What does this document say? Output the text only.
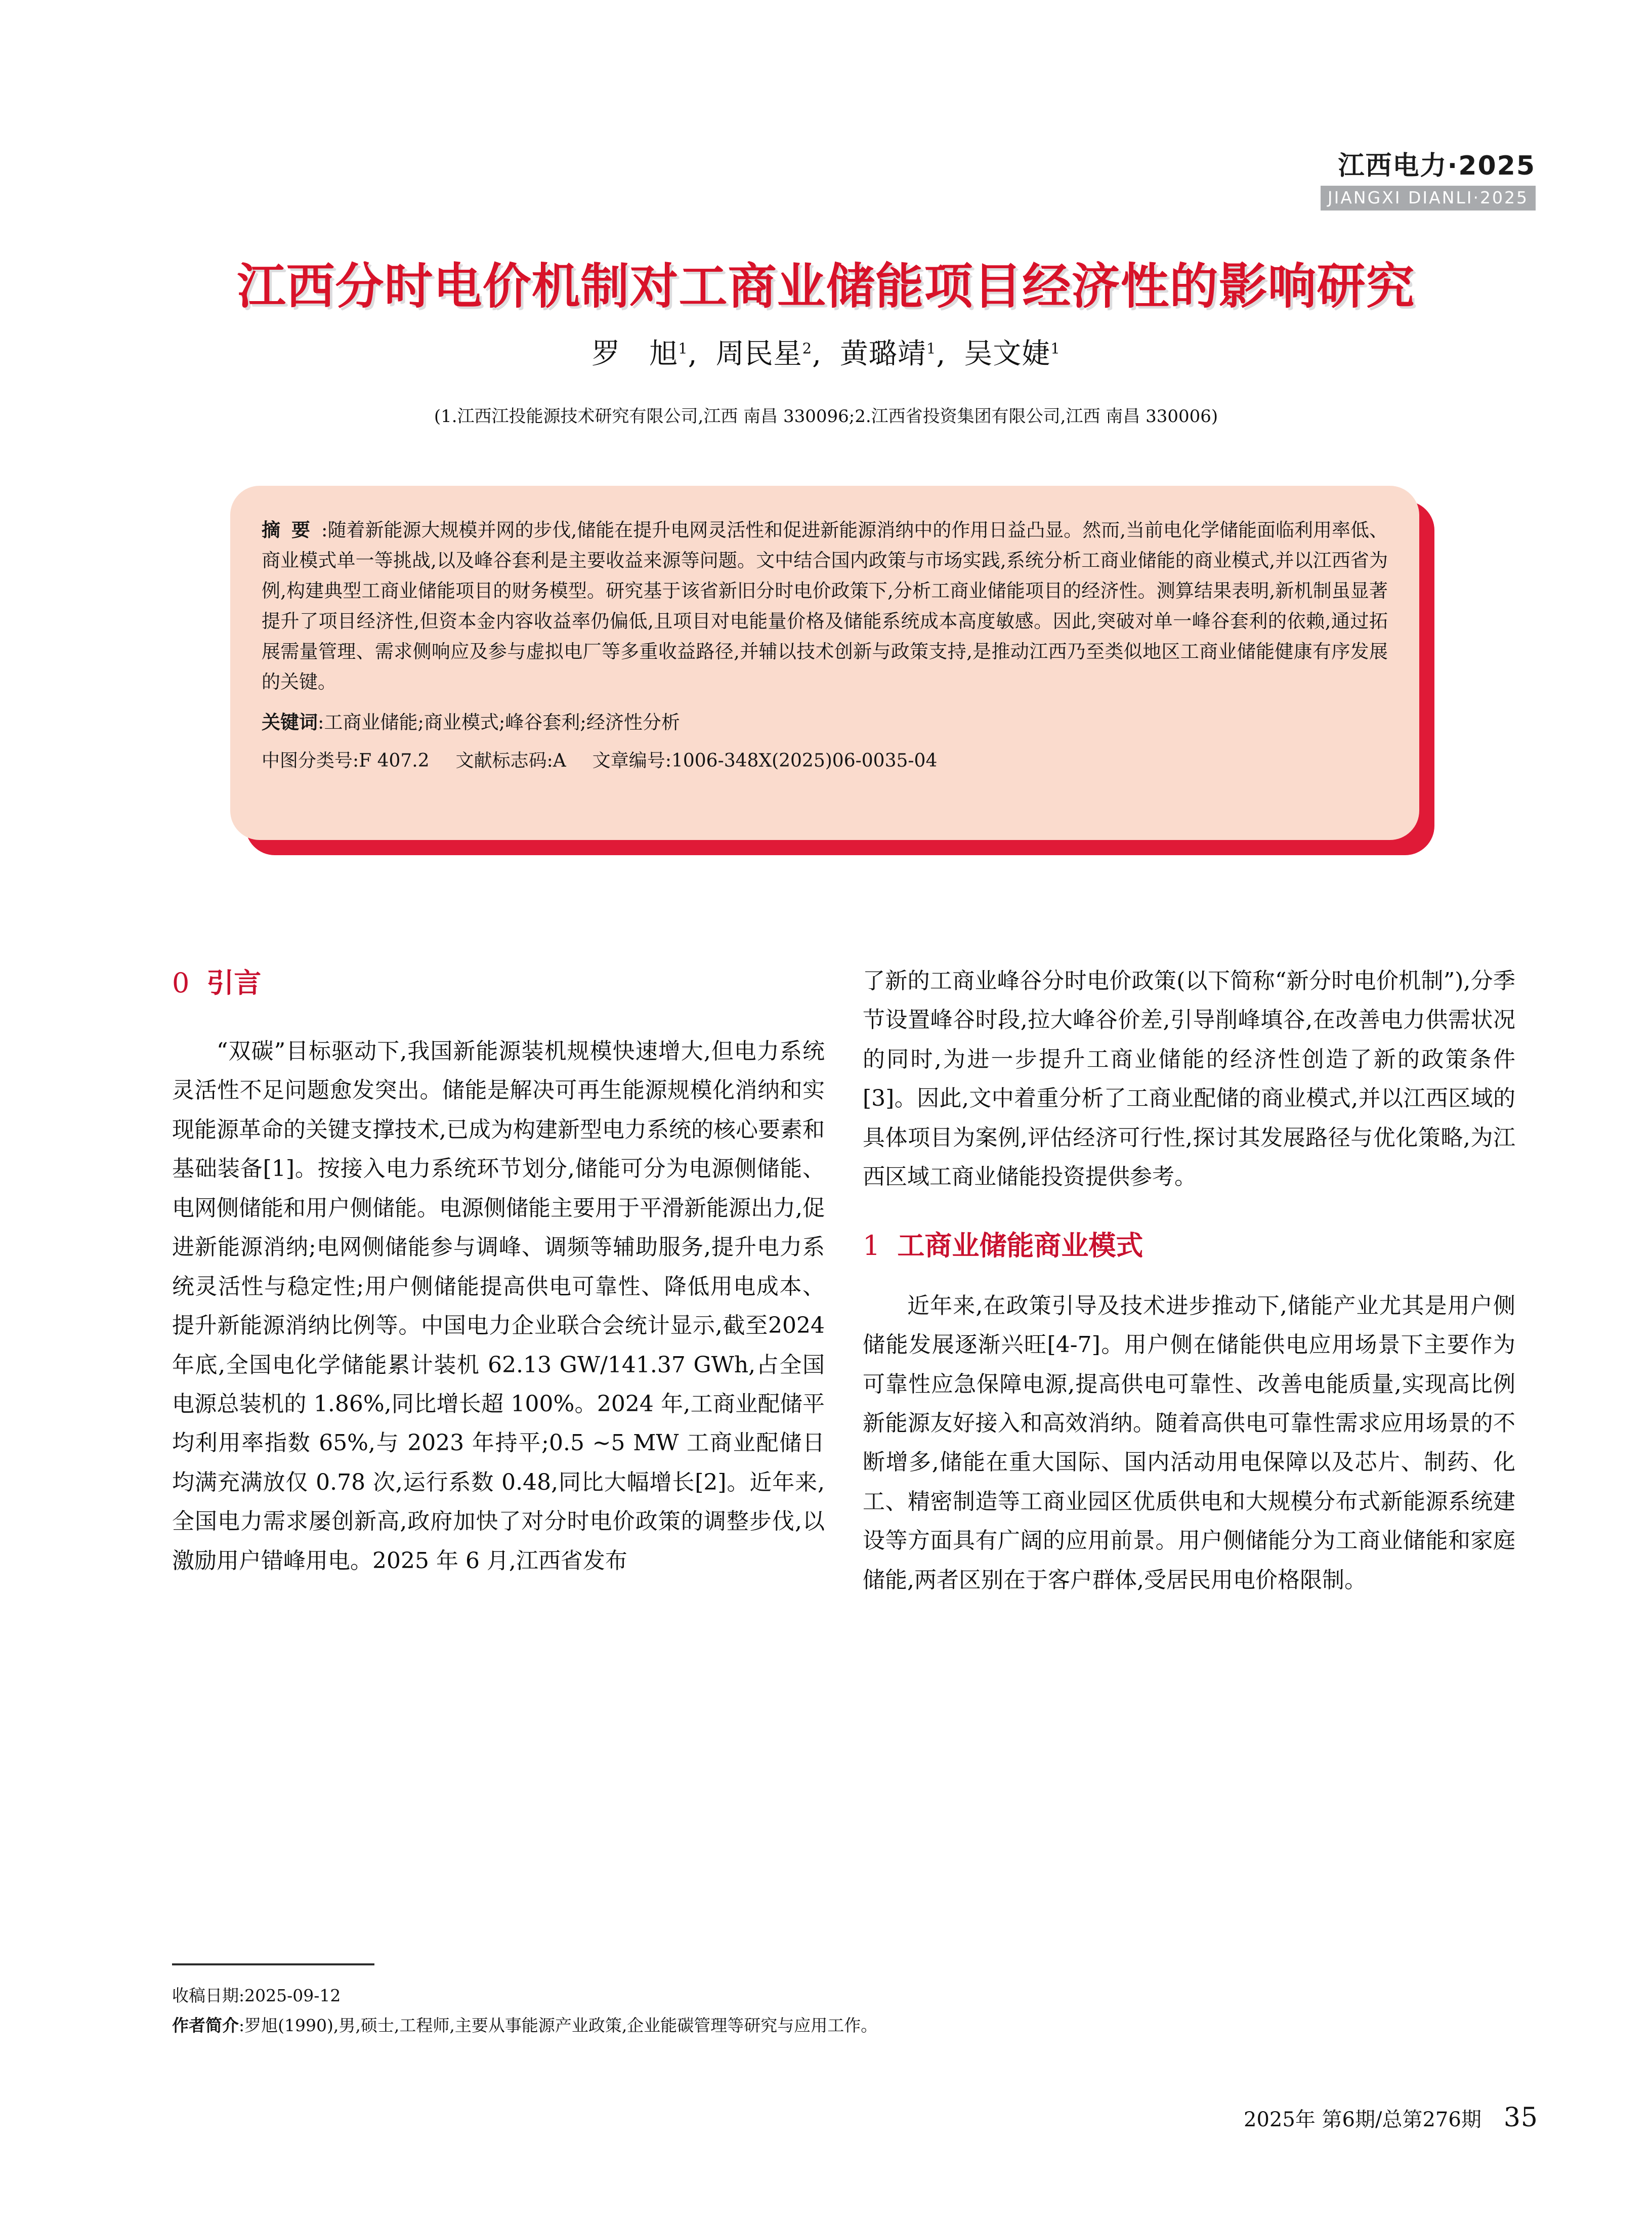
江西电力·2025
JIANGXI DIANLI·2025
江西分时电价机制对工商业储能项目经济性的影响研究
罗　旭$^1$, 周民星$^2$, 黄璐靖$^1$, 吴文婕$^1$
(1.江西江投能源技术研究有限公司,江西 南昌 330096;2.江西省投资集团有限公司,江西 南昌 330006)
摘要:随着新能源大规模并网的步伐,储能在提升电网灵活性和促进新能源消纳中的作用日益凸显。然而,当前电化学储能面临利用率低、商业模式单一等挑战,以及峰谷套利是主要收益来源等问题。文中结合国内政策与市场实践,系统分析工商业储能的商业模式,并以江西省为例,构建典型工商业储能项目的财务模型。研究基于该省新旧分时电价政策下,分析工商业储能项目的经济性。测算结果表明,新机制虽显著提升了项目经济性,但资本金内容收益率仍偏低,且项目对电能量价格及储能系统成本高度敏感。因此,突破对单一峰谷套利的依赖,通过拓展需量管理、需求侧响应及参与虚拟电厂等多重收益路径,并辅以技术创新与政策支持,是推动江西乃至类似地区工商业储能健康有序发展的关键。
关键词:工商业储能;商业模式;峰谷套利;经济性分析
中图分类号:F 407.2 文献标志码:A 文章编号:1006-348X(2025)06-0035-04
0 引言

“双碳”目标驱动下,我国新能源装机规模快速增大,但电力系统灵活性不足问题愈发突出。储能是解决可再生能源规模化消纳和实现能源革命的关键支撑技术,已成为构建新型电力系统的核心要素和基础装备[1]。按接入电力系统环节划分,储能可分为电源侧储能、电网侧储能和用户侧储能。电源侧储能主要用于平滑新能源出力,促进新能源消纳;电网侧储能参与调峰、调频等辅助服务,提升电力系统灵活性与稳定性;用户侧储能提高供电可靠性、降低用电成本、提升新能源消纳比例等。中国电力企业联合会统计显示,截至2024年底,全国电化学储能累计装机 62.13 GW/141.37 GWh,占全国电源总装机的 1.86%,同比增长超 100%。2024 年,工商业配储平均利用率指数 65%,与 2023 年持平;0.5 ~5 MW 工商业配储日均满充满放仅 0.78 次,运行系数 0.48,同比大幅增长[2]。近年来,全国电力需求屡创新高,政府加快了对分时电价政策的调整步伐,以激励用户错峰用电。2025 年 6 月,江西省发布

了新的工商业峰谷分时电价政策(以下简称“新分时电价机制”),分季节设置峰谷时段,拉大峰谷价差,引导削峰填谷,在改善电力供需状况的同时,为进一步提升工商业储能的经济性创造了新的政策条件[3]。因此,文中着重分析了工商业配储的商业模式,并以江西区域的具体项目为案例,评估经济可行性,探讨其发展路径与优化策略,为江西区域工商业储能投资提供参考。

1 工商业储能商业模式

近年来,在政策引导及技术进步推动下,储能产业尤其是用户侧储能发展逐渐兴旺[4-7]。用户侧在储能供电应用场景下主要作为可靠性应急保障电源,提高供电可靠性、改善电能质量,实现高比例新能源友好接入和高效消纳。随着高供电可靠性需求应用场景的不断增多,储能在重大国际、国内活动用电保障以及芯片、制药、化工、精密制造等工商业园区优质供电和大规模分布式新能源系统建设等方面具有广阔的应用前景。用户侧储能分为工商业储能和家庭储能,两者区别在于客户群体,受居民用电价格限制。

收稿日期:2025-09-12
作者简介:罗旭(1990),男,硕士,工程师,主要从事能源产业政策,企业能碳管理等研究与应用工作。
2025年 第6期/总第276期 35
